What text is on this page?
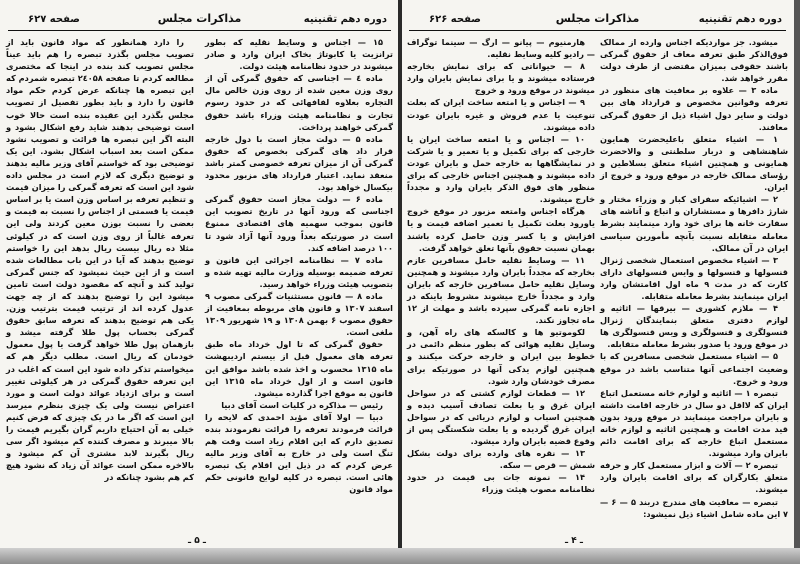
دوره دهم تقنینیه
مذاکرات مجلس
صفحه ۶۲۷

۱۵ — اجناس و وسایط نقلیه که بطور ترانزیت یا کابوتاژ بخاک ایران وارد و صادر میشوند در حدود نظامنامه هیئت دولت.

ماده ٤ — اجناسی که حقوق گمرکی آن از روی وزن معین شده از روی وزن خالص مال التجاره بعلاوه لفافهائی که در حدود رسوم تجارت و نظامنامه هیئت وزراء باشد حقوق گمرکی خواهند پرداخت.

ماده ۵ — دولت مجاز است با دول خارجه قرار داد های گمرکی بخصوص که حقوق گمرکی آن از میزان تعرفه خصوصی کمتر باشد منعقد نماید. اعتبار قرارداد های مزبور محدود بیکسال خواهد بود.

ماده ۶ — دولت مجاز است حقوق گمرکی اجناسی که ورود آنها در تاریخ تصویب این قانون بموجب سهمیه های اقتصادی ممنوع است در صورتیکه بعداً ورود آنها آزاد شود تا ۱۰۰ درصد اضافه کند.

ماده ۷ — نظامنامه اجرائی این قانون و تعرفه ضمیمه بوسیله وزارت مالیه تهیه شده و بتصویب هیئت وزراء خواهد رسید.

ماده ۸ — قانون مستثنیات گمرکی مصوب ۹ اسفند ۱۳۰۷ و قانون های مربوطه بمعافیت از حقوق مصوب ۶ بهمن ۱۳۰۸ و ۱۹ شهریور ۱۳۰۹ ملغی است.

حقوق گمرکی که تا اول خرداد ماه طبق تعرفه های معمول قبل از بیستم اردیبهشت ماه ۱۳۱۵ محسوب و اخذ شده باشد موافق این قانون است و از اول خرداد ماه ۱۳۱۵ این قانون به موقع اجرا گذارده میشود.

رئیس — مذاکره در کلیات است آقای دبیا

دبیا — اولا آقای مؤید احمدی که لایحه را قرائت فرمودند تعرفه را قرائت نفرمودند بنده تصدیق دارم که این اقلام زیاد است وقت هم تنگ است ولی در خارج به آقای وزیر مالیه عرض کردم که در ذیل این اقلام یک تبصره هائی است. تبصره در کلیه لوایح قانونی حکم مواد قانون

را دارد همانطور که مواد قانون باید از تصویب مجلس بگذرد تبصره را هم باید عیناً مجلس تصویب کند بنده در اینجا که مختصری مطالعه کردم تا صفحه ۲٤۰۵۸ تبصره شمردم که این تبصره ها چنانکه عرض کردم حکم مواد قانون را دارد و باید بطور تفصیل از تصویب مجلس بگذرد این عقیده بنده است حالا خوب است توضیحی بدهند شاید رفع اشکال بشود و البته اگر این تبصره ها قرائت و تصویب نشود ممکن است بعد اسباب اشکال بشود. این یک توضیحی بود که خواستم آقای وزیر مالیه بدهند و توضیح دیگری که لازم است در مجلس داده شود این است که تعرفه گمرکی را میزان قیمت و تنظیم تعرفه بر اساس وزن است یا بر اساس قیمت یا قسمتی از اجناس را نسبت به قیمت و بعضی را نسبت بوزن معین کردند ولی این تعرفه غالباً از روی وزن است که در کیلوئی مثلا ده ریال بیست ریال بدهد این را خواستم توضیح بدهند که آیا در این باب مطالعات شده است و از این حیث نمیشود که جنس گمرکی تولید کند و آنچه که مقصود دولت است تامین میشود این را توضیح بدهند که از چه جهت عدول کرده اند از ترتیب قیمت بترتیب وزن. یکی هم توضیح بدهند که تعرفه سابق حقوق گمرکی بحساب پول طلا گرفته میشد و بازهمان پول طلا خواهد گرفت یا پول معمول خودمان که ریال است. مطلب دیگر هم که میخواستم تذکر داده شود این است که اغلب در این تعرفه حقوق گمرکی در هر کیلوئی تغییر است و برای ازدیاد عوائد دولت است و مورد اعتراض نیست ولی یک چیزی بنظرم میرسد این است که اگر ما در یک چیزی که فرض کنیم خیلی به آن احتیاج داریم گران بگیریم قیمت را بالا میبرند و مصرف کننده کم میشود اگر سی ریال بگیرند لابد مشتری آن کم میشود و بالاخره ممکن است عوائد آن زیاد که نشود هیچ کم هم بشود چنانکه در

ـ ۵ ـ
دوره دهم تقنینیه
مذاکرات مجلس
صفحه ۶۲۶

میشود. جز مواردیکه اجناس وارده از ممالک فوق‌الذکر طبق تعرفه معاف از حقوق گمرکی باشند حقوقی بمیزان مقتضی از طرف دولت مقرر خواهد شد.

ماده ۳ — علاوه بر معافیت های منظور در تعرفه وقوانین مخصوص و قرارداد های بین دولت و سایر دول اشیاء ذیل از حقوق گمرکی معافند.

۱ — اشیاء متعلق باعلیحضرت همایون شاهنشاهی و دربار سلطنتی و والاحضرت همایونی و همچنین اشیاء متعلق بسلاطین و رؤسای ممالک خارجه در موقع ورود و خروج از ایران.

۲ — اشیائیکه سفرای کبار و وزراء مختار و شارژ دافرها و مستشاران و اتباع و آتاشه های سفارت خانه ها برای خود وارد مینمایند بشرط معامله متقابله نسبت بآنچه مأمورین سیاسی ایران در آن ممالک.

۳ — اشیاء مخصوص استعمال شخصی ژنرال قنسولها و قنسولها و وایس قنسولهای دارای کارت که در مدت ۹ ماه اول اقامتشان وارد ایران مینمایند بشرط معامله متقابله.

۴ — ملازم کشوری — بیرقها — اثاثیه و لوازم دفتری متعلق بنمایندگان ژنرال قنسولگری و قنسولگری و ویس قنسولگری ها در موقع ورود یا صدور بشرط معامله متقابله.

۵ — اشیاء مستعمل شخصی مسافرین که با وضعیت اجتماعی آنها متناسب باشد در موقع ورود و خروج.

تبصره ۱ — اثاثیه و لوازم خانه مستعمل اتباع ایران که لااقل دو سال در خارجه اقامت داشته و بایران مراجعت مینمایند در موقع ورود بدون قید مدت اقامت و همچنین اثاثیه و لوازم خانه مستعمل اتباع خارجه که برای اقامت دائم بایران وارد میشوند.

تبصره ۲ — آلات و ابزار مستعمل کار و حرفه متعلق بکارگران که برای اقامت بایران وارد میشوند.

تبصره — معافیت های مندرج دربند ۵ — ۶ — ۷ این ماده شامل اشیاء ذیل نمیشود:

هارمنیوم — پیانو — ارگ — سینما توگراف — رادیو کلیه وسایط نقلیه.

۸ — حیواناتی که برای نمایش بخارجه فرستاده میشوند و یا برای نمایش بایران وارد میشوند در موقع ورود و خروج

۹ — اجناس و یا امتعه ساخت ایران که بعلت تنوعیت یا عدم فروش و غیره بایران عودت داده میشوند.

۱۰ — اجناس و یا امتعه ساخت ایران یا خارجی که برای تکمیل و یا تعمیر و یا شرکت در نمایشگاهها به خارجه حمل و بایران عودت داده میشوند و همچنین اجناس خارجی که برای منظور های فوق الذکر بایران وارد و مجدداً خارج میشوند.

هرگاه اجناس وامتعه مزبور در موقع خروج یاورود بعلت تکمیل یا تعمیر اضافه قیمت و یا افزایش و یا کسر وزن حاصل کرده باشند بهمان نسبت حقوق بآنها تعلق خواهد گرفت.

۱۱ — وسایط نقلیه حامل مسافرین عازم بخارجه که مجدداً بایران وارد میشوند و همچنین وسایل نقلیه حامل مسافرین خارجه که بایران وارد و مجدداً خارج میشوند مشروط باینکه در اجازه نامه گمرکی سپرده باشد و مهلت از ۱۲ ماه تجاوز نکند.

لکوموتیو ها و کالسکه های راه آهن، و وسایل نقلیه هوائی که بطور منظم دائمی در خطوط بین ایران و خارجه حرکت میکنند و همچنین لوازم یدکی آنها در صورتیکه برای مصرف خودشان وارد شود.

۱۲ — قطعات لوازم کشتی که در سواحل ایران غرق و یا بعلت تصادف آسیب دیده و همچنین اسباب و لوازم دریائی که در سواحل ایران غرق گردیده و یا بعلت شکستگی پس از وقوع قضیه بایران وارد میشود.

۱۳ — نقره های وارده برای دولت بشکل شمش — قرص — سکه.

۱۴ — نمونه جات بی قیمت در حدود نظامنامه مصوب هیئت وزراء

ـ ۴ ـ
